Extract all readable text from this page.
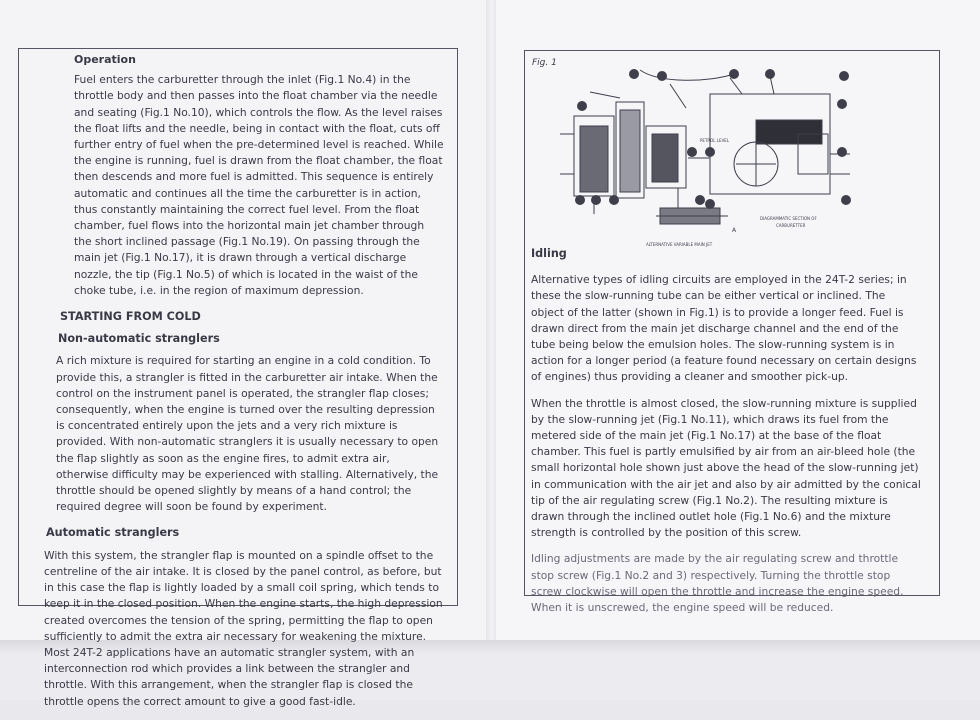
Operation

Fuel enters the carburetter through the inlet (Fig.1 No.4) in the throttle body and then passes into the float chamber via the needle and seating (Fig.1 No.10), which controls the flow. As the level raises the float lifts and the needle, being in contact with the float, cuts off further entry of fuel when the pre-determined level is reached. While the engine is running, fuel is drawn from the float chamber, the float then descends and more fuel is admitted. This sequence is entirely automatic and continues all the time the carburetter is in action, thus constantly maintaining the correct fuel level. From the float chamber, fuel flows into the horizontal main jet chamber through the short inclined passage (Fig.1 No.19). On passing through the main jet (Fig.1 No.17), it is drawn through a vertical discharge nozzle, the tip (Fig.1 No.5) of which is located in the waist of the choke tube, i.e. in the region of maximum depression.

STARTING FROM COLD
Non-automatic stranglers

A rich mixture is required for starting an engine in a cold condition. To provide this, a strangler is fitted in the carburetter air intake. When the control on the instrument panel is operated, the strangler flap closes; consequently, when the engine is turned over the resulting depression is concentrated entirely upon the jets and a very rich mixture is provided. With non-automatic stranglers it is usually necessary to open the flap slightly as soon as the engine fires, to admit extra air, otherwise difficulty may be experienced with stalling. Alternatively, the throttle should be opened slightly by means of a hand control; the required degree will soon be found by experiment.

Automatic stranglers

With this system, the strangler flap is mounted on a spindle offset to the centreline of the air intake. It is closed by the panel control, as before, but in this case the flap is lightly loaded by a small coil spring, which tends to keep it in the closed position. When the engine starts, the high depression created overcomes the tension of the spring, permitting the flap to open sufficiently to admit the extra air necessary for weakening the mixture. Most 24T-2 applications have an automatic strangler system, with an interconnection rod which provides a link between the strangler and throttle. With this arrangement, when the strangler flap is closed the throttle opens the correct amount to give a good fast-idle.

Fig. 1
PETROL LEVEL
DIAGRAMMATIC SECTION OF
CARBURETTER
ALTERNATIVE VARIABLE MAIN JET
A
Idling

Alternative types of idling circuits are employed in the 24T-2 series; in these the slow-running tube can be either vertical or inclined. The object of the latter (shown in Fig.1) is to provide a longer feed. Fuel is drawn direct from the main jet discharge channel and the end of the tube being below the emulsion holes. The slow-running system is in action for a longer period (a feature found necessary on certain designs of engines) thus providing a cleaner and smoother pick-up.

When the throttle is almost closed, the slow-running mixture is supplied by the slow-running jet (Fig.1 No.11), which draws its fuel from the metered side of the main jet (Fig.1 No.17) at the base of the float chamber. This fuel is partly emulsified by air from an air-bleed hole (the small horizontal hole shown just above the head of the slow-running jet) in communication with the air jet and also by air admitted by the conical tip of the air regulating screw (Fig.1 No.2). The resulting mixture is drawn through the inclined outlet hole (Fig.1 No.6) and the mixture strength is controlled by the position of this screw.

Idling adjustments are made by the air regulating screw and throttle stop screw (Fig.1 No.2 and 3) respectively. Turning the throttle stop screw clockwise will open the throttle and increase the engine speed. When it is unscrewed, the engine speed will be reduced.
